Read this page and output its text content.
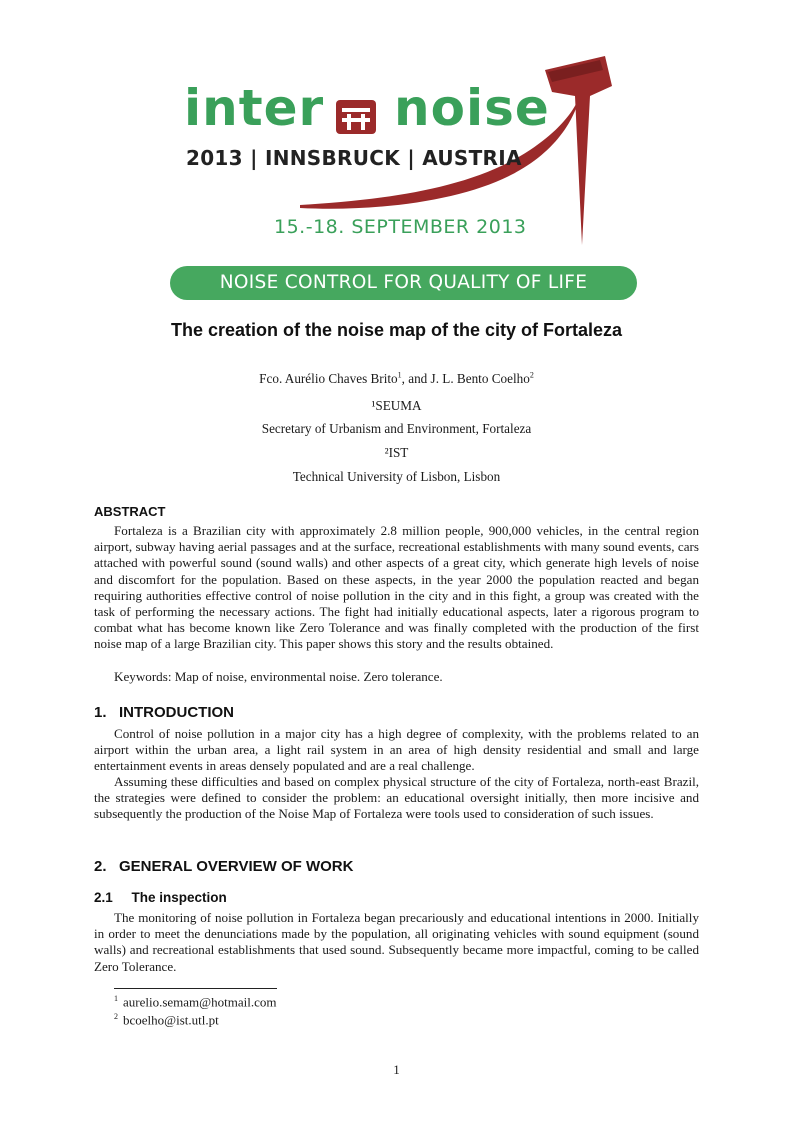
inter noise
2013 | INNSBRUCK | AUSTRIA
15.-18. SEPTEMBER 2013
NOISE CONTROL FOR QUALITY OF LIFE
The creation of the noise map of the city of Fortaleza
Fco. Aurélio Chaves Brito$^1$, and J. L. Bento Coelho$^2$
¹SEUMA
Secretary of Urbanism and Environment, Fortaleza
²IST
Technical University of Lisbon, Lisbon
ABSTRACT
Fortaleza is a Brazilian city with approximately 2.8 million people, 900,000 vehicles, in the central region airport, subway having aerial passages and at the surface, recreational establishments with many sound events, cars attached with powerful sound (sound walls) and other aspects of a great city, which generate high levels of noise and discomfort for the population. Based on these aspects, in the year 2000 the population reacted and began requiring authorities effective control of noise pollution in the city and in this fight, a group was created with the task of performing the necessary actions. The fight had initially educational aspects, later a rigorous program to combat what has become known like Zero Tolerance and was finally completed with the production of the first noise map of a large Brazilian city. This paper shows this story and the results obtained.
Keywords: Map of noise, environmental noise. Zero tolerance.
1.   INTRODUCTION
Control of noise pollution in a major city has a high degree of complexity, with the problems related to an airport within the urban area, a light rail system in an area of high density residential and small and large entertainment events in areas densely populated and are a real challenge.
Assuming these difficulties and based on complex physical structure of the city of Fortaleza, north-east Brazil, the strategies were defined to consider the problem: an educational oversight initially, then more incisive and subsequently the production of the Noise Map of Fortaleza were tools used to consideration of such issues.
2.   GENERAL OVERVIEW OF WORK
2.1     The inspection
The monitoring of noise pollution in Fortaleza began precariously and educational intentions in 2000. Initially in order to meet the denunciations made by the population, all originating vehicles with sound equipment (sound walls) and recreational establishments that used sound. Subsequently became more impactful, coming to be called Zero Tolerance.
$^1$ aurelio.semam@hotmail.com
$^2$ bcoelho@ist.utl.pt
1
